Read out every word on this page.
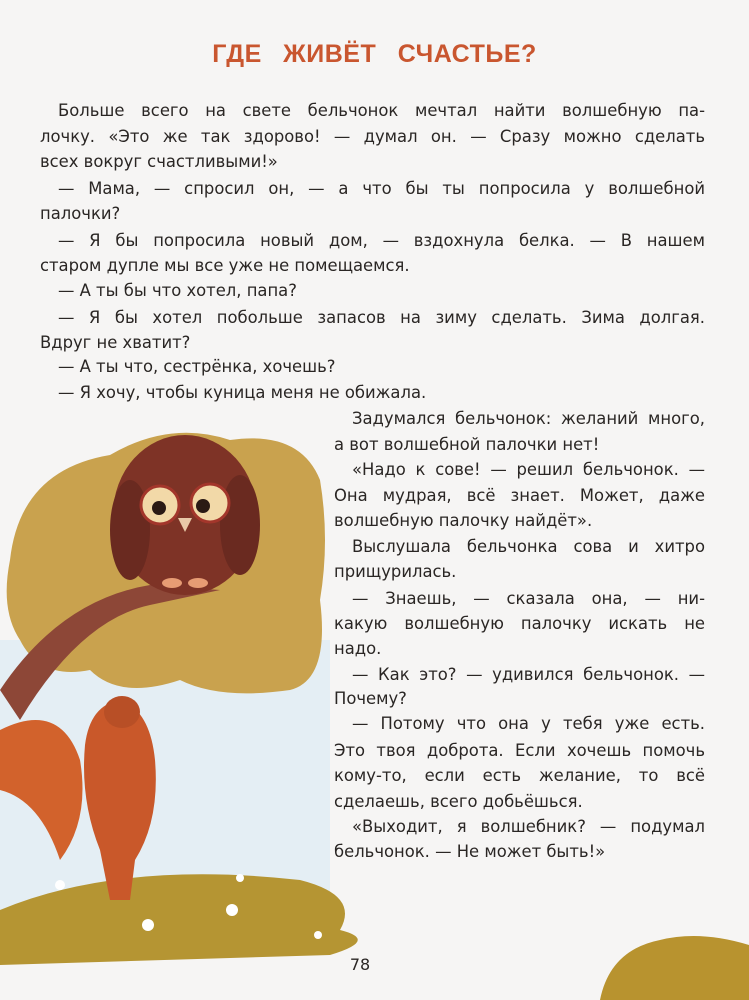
ГДЕ ЖИВЁТ СЧАСТЬЕ?
Больше всего на свете бельчонок мечтал найти волшебную па-
лочку. «Это же так здорово! — думал он. — Сразу можно сделать
всех вокруг счастливыми!»
— Мама, — спросил он, — а что бы ты попросила у волшебной
палочки?
— Я бы попросила новый дом, — вздохнула белка. — В нашем
старом дупле мы все уже не помещаемся.
— А ты бы что хотел, папа?
— Я бы хотел побольше запасов на зиму сделать. Зима долгая.
Вдруг не хватит?
— А ты что, сестрёнка, хочешь?
— Я хочу, чтобы куница меня не обижала.
Задумался бельчонок: желаний много,
а вот волшебной палочки нет!
«Надо к сове! — решил бельчонок. —
Она мудрая, всё знает. Может, даже
волшебную палочку найдёт».
Выслушала бельчонка сова и хитро
прищурилась.
— Знаешь, — сказала она, — ни-
какую волшебную палочку искать не
надо.
— Как это? — удивился бельчонок. —
Почему?
— Потому что она у тебя уже есть.
Это твоя доброта. Если хочешь помочь
кому-то, если есть желание, то всё
сделаешь, всего добьёшься.
«Выходит, я волшебник? — подумал
бельчонок. — Не может быть!»
78
